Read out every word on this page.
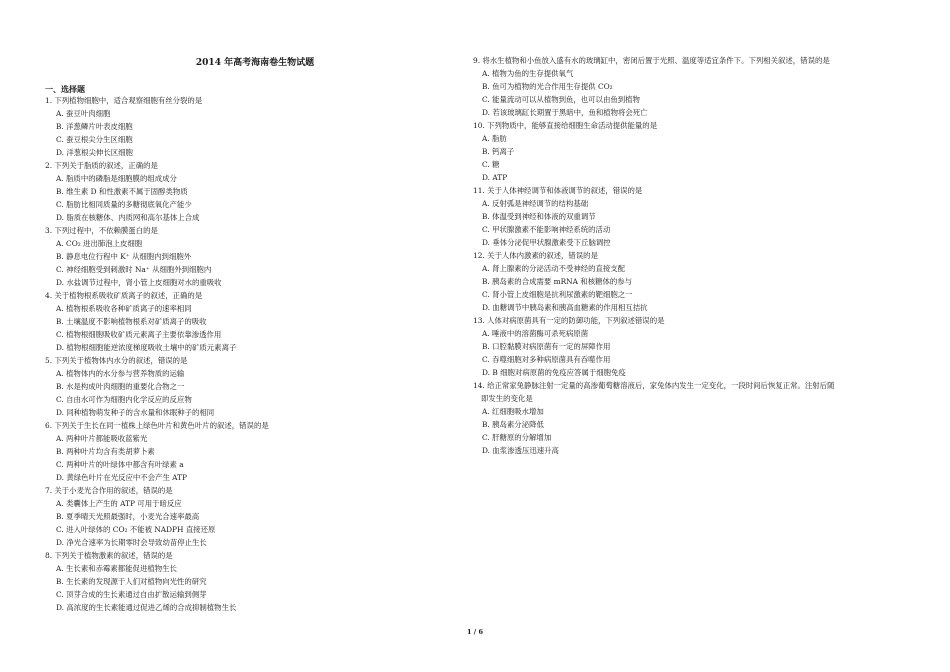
2014 年高考海南卷生物试题
一、选择题
1. 下列植物细胞中，适合观察细胞有丝分裂的是
A. 蚕豆叶肉细胞
B. 洋葱鳞片叶表皮细胞
C. 蚕豆根尖分生区细胞
D. 洋葱根尖伸长区细胞
2. 下列关于脂质的叙述，正确的是
A. 脂质中的磷脂是细胞膜的组成成分
B. 维生素 D 和性激素不属于固醇类物质
C. 脂肪比相同质量的多糖彻底氧化产能少
D. 脂质在核糖体、内质网和高尔基体上合成
3. 下列过程中，不依赖膜蛋白的是
A. CO₂ 进出肺泡上皮细胞
B. 静息电位行程中 K⁺ 从细胞内到细胞外
C. 神经细胞受到刺激时 Na⁺ 从细胞外到细胞内
D. 水盐调节过程中，肾小管上皮细胞对水的重吸收
4. 关于植物根系吸收矿质离子的叙述，正确的是
A. 植物根系吸收各种矿质离子的速率相同
B. 土壤温度不影响植物根系对矿质离子的吸收
C. 植物根细胞吸收矿质元素离子主要依靠渗透作用
D. 植物根细胞能逆浓度梯度吸收土壤中的矿质元素离子
5. 下列关于植物体内水分的叙述，错误的是
A. 植物体内的水分参与营养物质的运输
B. 水是构成叶肉细胞的重要化合物之一
C. 自由水可作为细胞内化学反应的反应物
D. 同种植物萌发种子的含水量和休眠种子的相同
6. 下列关于生长在同一植株上绿色叶片和黄色叶片的叙述，错误的是
A. 两种叶片都能吸收蓝紫光
B. 两种叶片均含有类胡萝卜素
C. 两种叶片的叶绿体中都含有叶绿素 a
D. 黄绿色叶片在光反应中不会产生 ATP
7. 关于小麦光合作用的叙述，错误的是
A. 类囊体上产生的 ATP 可用于暗反应
B. 夏季晴天光照最强时，小麦光合速率最高
C. 进入叶绿体的 CO₂ 不能被 NADPH 直接还原
D. 净光合速率为长期零时会导致幼苗停止生长
8. 下列关于植物激素的叙述，错误的是
A. 生长素和赤霉素都能促进植物生长
B. 生长素的发现源于人们对植物向光性的研究
C. 顶芽合成的生长素通过自由扩散运输到侧芽
D. 高浓度的生长素能通过促进乙烯的合成抑制植物生长
9. 将水生植物和小鱼放入盛有水的玻璃缸中，密闭后置于光照、温度等适宜条件下。下列相关叙述，错误的是
A. 植物为鱼的生存提供氧气
B. 鱼可为植物的光合作用生存提供 CO₂
C. 能量流动可以从植物到鱼，也可以由鱼到植物
D. 若该玻璃缸长期置于黑暗中，鱼和植物将会死亡
10. 下列物质中，能够直接给细胞生命活动提供能量的是
A. 脂肪
B. 钙离子
C. 糖
D. ATP
11. 关于人体神经调节和体液调节的叙述，错误的是
A. 反射弧是神经调节的结构基础
B. 体温受到神经和体液的双重调节
C. 甲状腺激素不能影响神经系统的活动
D. 垂体分泌促甲状腺激素受下丘脑调控
12. 关于人体内激素的叙述，错误的是
A. 肾上腺素的分泌活动不受神经的直接支配
B. 胰岛素的合成需要 mRNA 和核糖体的参与
C. 肾小管上皮细胞是抗利尿激素的靶细胞之一
D. 血糖调节中胰岛素和胰高血糖素的作用相互拮抗
13. 人体对病原菌具有一定的防御功能，下列叙述错误的是
A. 唾液中的溶菌酶可杀死病原菌
B. 口腔黏膜对病原菌有一定的屏障作用
C. 吞噬细胞对多种病原菌具有吞噬作用
D. B 细胞对病原菌的免疫应答属于细胞免疫
14. 给正常家兔静脉注射一定量的高渗葡萄糖溶液后，家兔体内发生一定变化，一段时间后恢复正常。注射后随
即发生的变化是
A. 红细胞吸水增加
B. 胰岛素分泌降低
C. 肝糖原的分解增加
D. 血浆渗透压迅速升高
1 / 6
